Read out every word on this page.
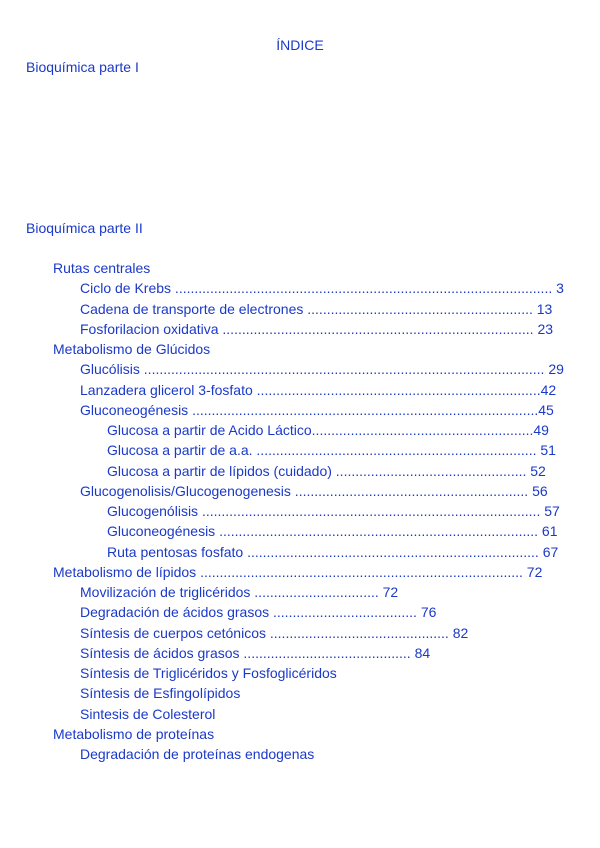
ÍNDICE
Bioquímica parte I
Bioquímica parte II
Rutas centrales
Ciclo de Krebs ................................................................................................. 3
Cadena de transporte de electrones .......................................................... 13
Fosforilacion oxidativa ................................................................................ 23
Metabolismo de Glúcidos
Glucólisis ....................................................................................................... 29
Lanzadera glicerol 3-fosfato .........................................................................42
Gluconeogénesis .........................................................................................45
Glucosa a partir de Acido Láctico.........................................................49
Glucosa a partir de a.a. ........................................................................ 51
Glucosa a partir de lípidos (cuidado) ................................................. 52
Glucogenolisis/Glucogenogenesis ............................................................ 56
Glucogenólisis ....................................................................................... 57
Gluconeogénesis .................................................................................. 61
Ruta pentosas fosfato ........................................................................... 67
Metabolismo de lípidos ................................................................................... 72
Movilización de triglicéridos ................................ 72
Degradación de ácidos grasos ..................................... 76
Síntesis de cuerpos cetónicos .............................................. 82
Síntesis de ácidos grasos ........................................... 84
Síntesis de Triglicéridos y Fosfoglicéridos
Síntesis de Esfingolípidos
Sintesis de Colesterol
Metabolismo de proteínas
Degradación de proteínas endogenas
